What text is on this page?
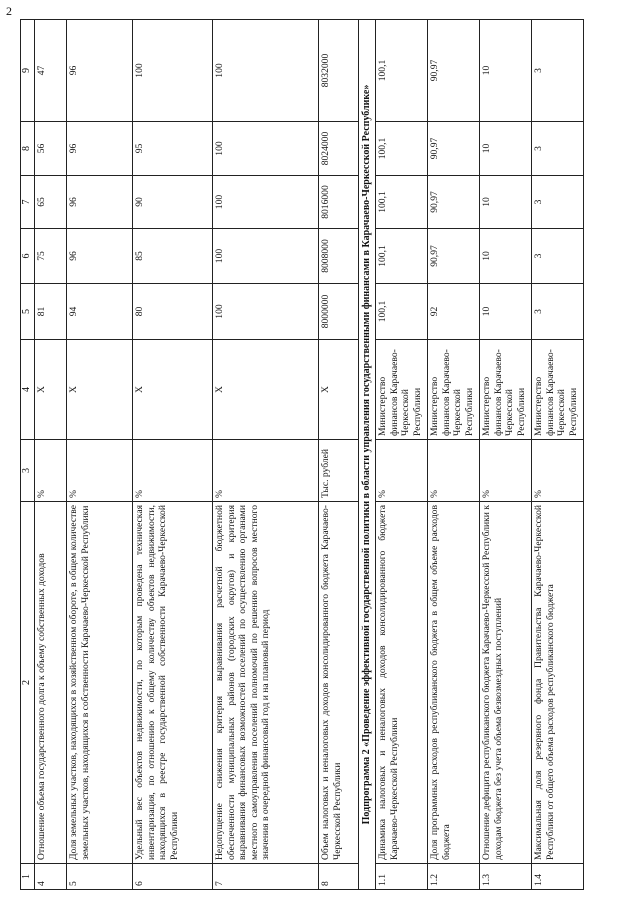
2
1	2	3	4	5	6	7	8	9
4	Отношение объема государственного долга к объему собственных доходов	%	X	81	75	65	56	47
5	Доля земельных участков, находящихся в хозяйственном обороте, в общем количестве земельных участков, находящихся в собственности Карачаево-Черкесской Республики	%	X	94	96	96	96	96
6	Удельный вес объектов недвижимости, по которым проведена техническая инвентаризация, по отношению к общему количеству объектов недвижимости, находящихся в реестре государственной собственности Карачаево-Черкесской Республики	%	X	80	85	90	95	100
7	Недопущение снижения критерия выравнивания расчетной бюджетной обеспеченности муниципальных районов (городских округов) и критерия выравнивания финансовых возможностей поселений по осуществлению органами местного самоуправления поселений полномочий по решению вопросов местного значения в очередной финансовый год и на плановый период	%	X	100	100	100	100	100
8	Объем налоговых и неналоговых доходов консолидированного бюджета Карачаево-Черкесской Республики	Тыс. рублей	X	8000000	8008000	8016000	8024000	8032000
Подпрограмма 2 «Проведение эффективной государственной политики в области управления государственными финансами в Карачаево-Черкесской Республике»								
1.1	Динамика налоговых и неналоговых доходов консолидированного бюджета Карачаево-Черкесской Республики	%	Министерство финансов Карачаево-Черкесской Республики	100,1	100,1	100,1	100,1	100,1
1.2	Доля программных расходов республиканского бюджета в общем объеме расходов бюджета	%	Министерство финансов Карачаево-Черкесской Республики	92	90,97	90,97	90,97	90,97
1.3	Отношение дефицита республиканского бюджета Карачаево-Черкесской Республики к доходам бюджета без учета объема безвозмездных поступлений	%	Министерство финансов Карачаево-Черкесской Республики	10	10	10	10	10
1.4	Максимальная доля резервного фонда Правительства Карачаево-Черкесской Республики от общего объема расходов республиканского бюджета	%	Министерство финансов Карачаево-Черкесской Республики	3	3	3	3	3
